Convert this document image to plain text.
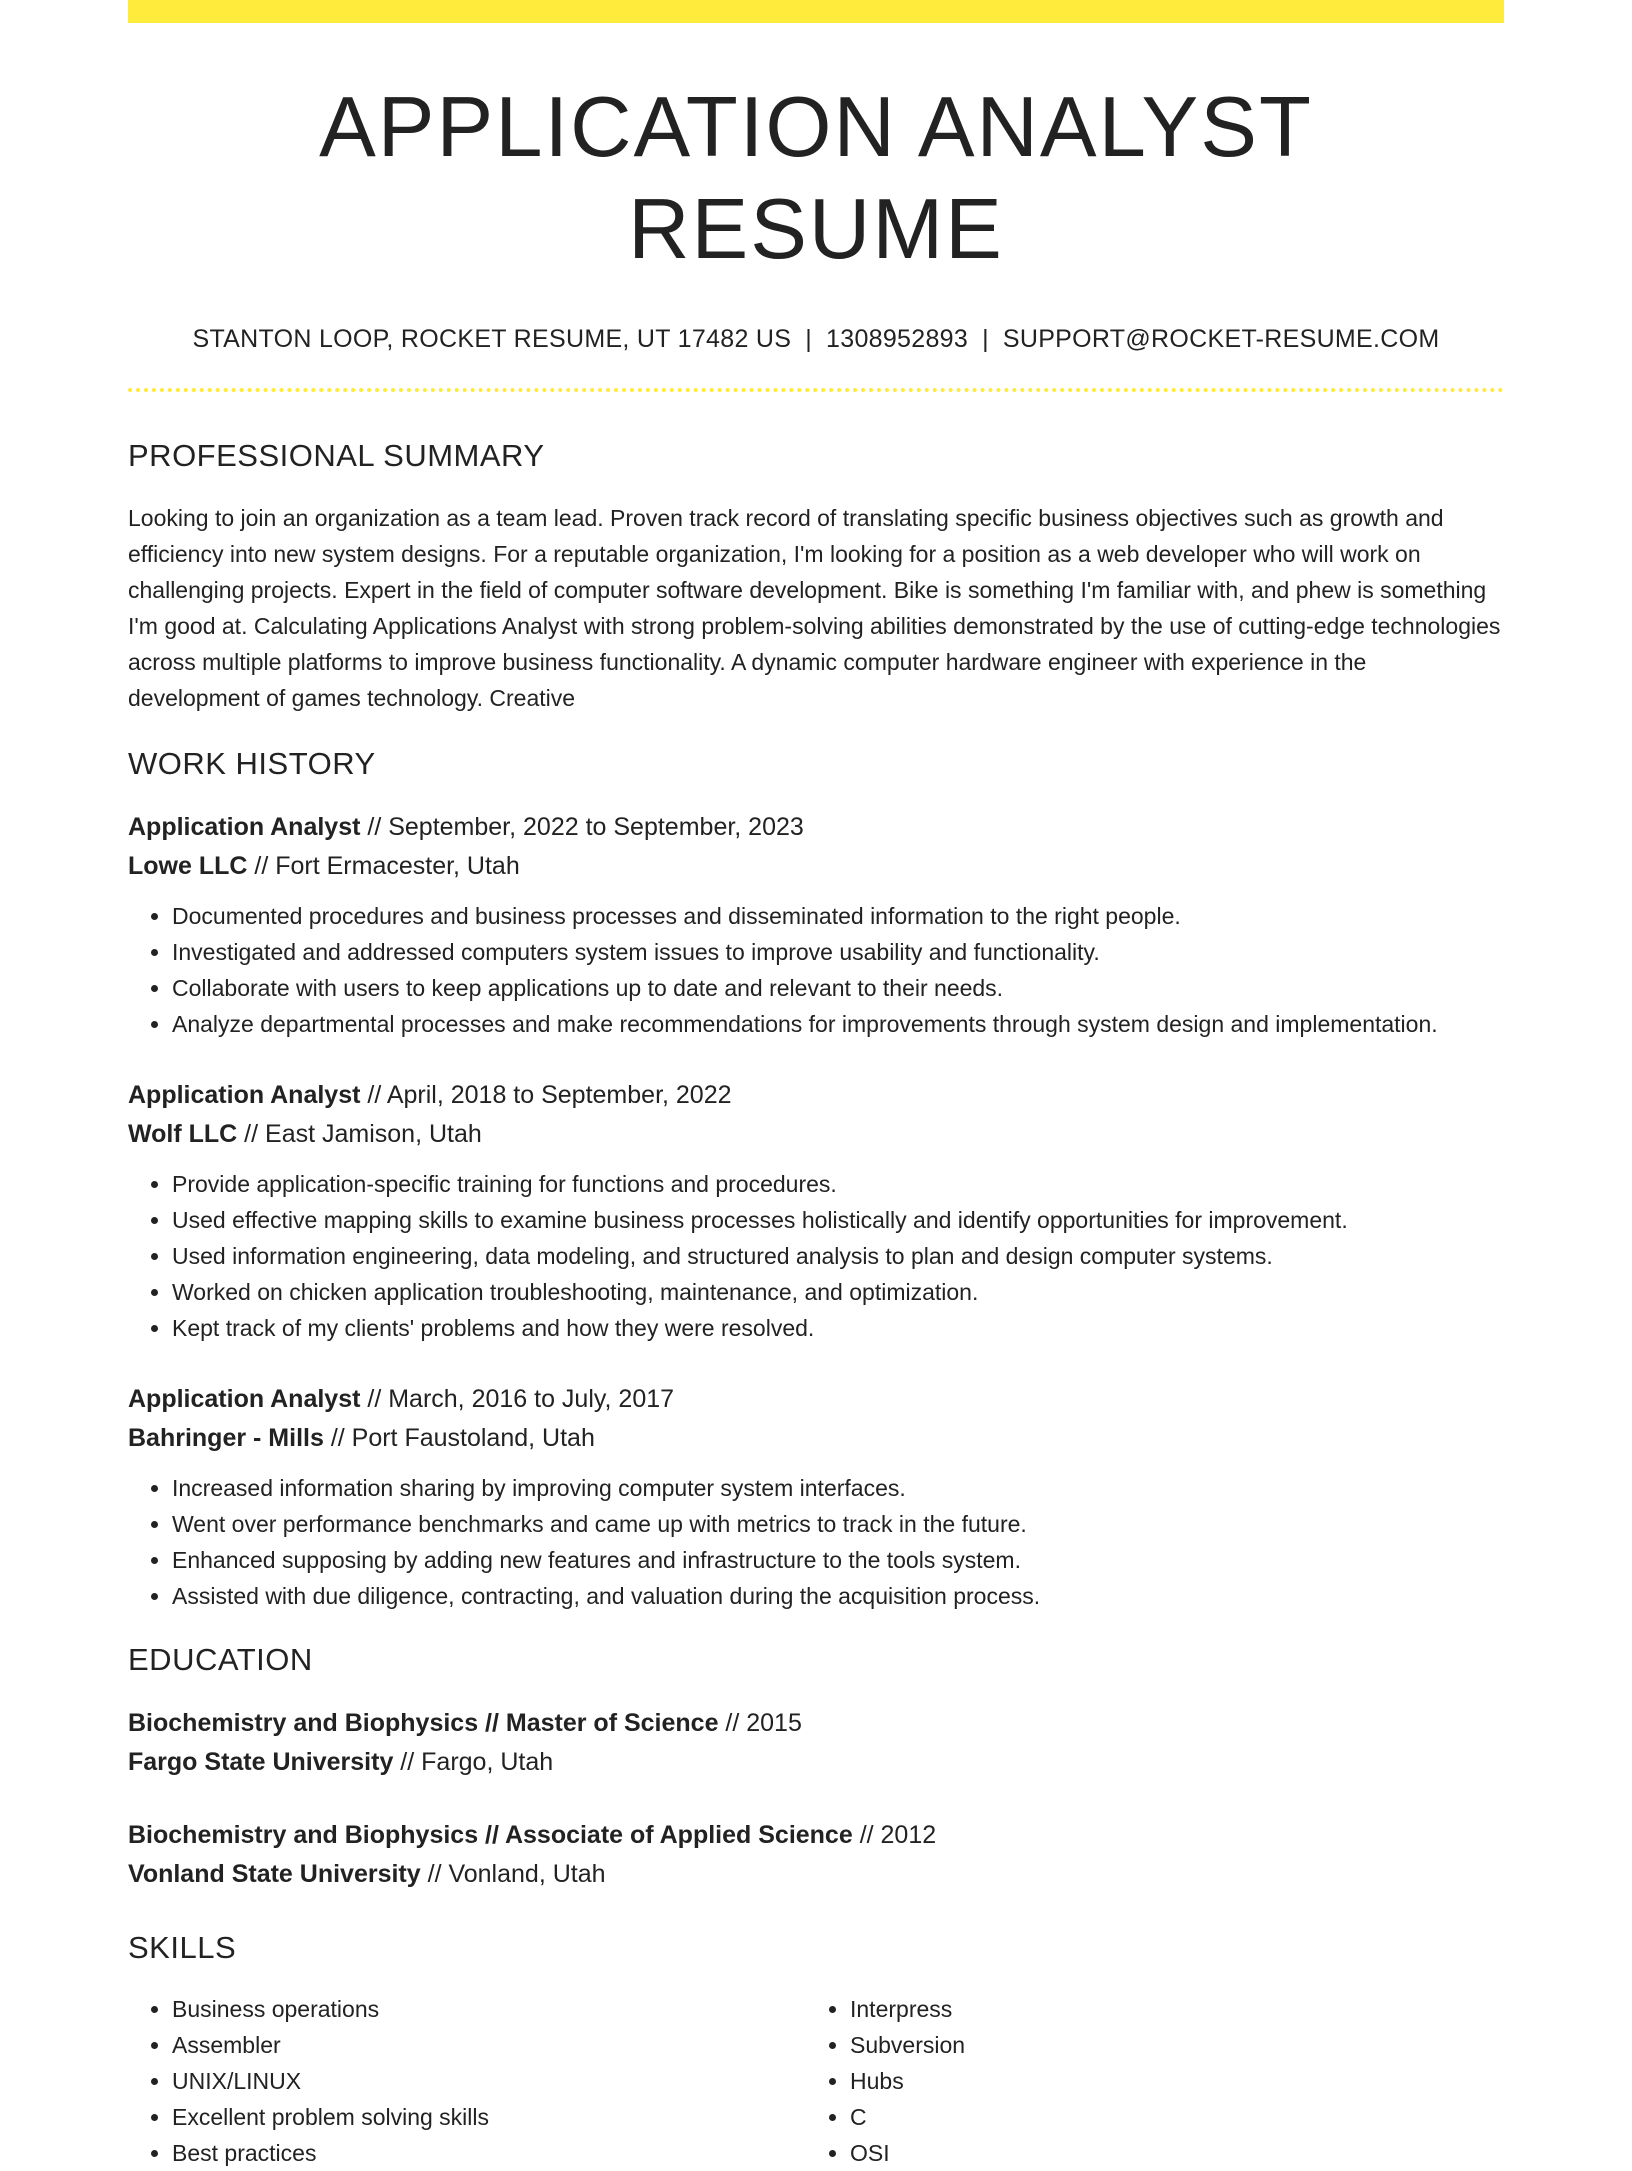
APPLICATION ANALYST RESUME
STANTON LOOP, ROCKET RESUME, UT 17482 US | 1308952893 | SUPPORT@ROCKET-RESUME.COM
PROFESSIONAL SUMMARY

Looking to join an organization as a team lead. Proven track record of translating specific business objectives such as growth and efficiency into new system designs. For a reputable organization, I'm looking for a position as a web developer who will work on challenging projects. Expert in the field of computer software development. Bike is something I'm familiar with, and phew is something I'm good at. Calculating Applications Analyst with strong problem-solving abilities demonstrated by the use of cutting-edge technologies across multiple platforms to improve business functionality. A dynamic computer hardware engineer with experience in the development of games technology. Creative

WORK HISTORY
Application Analyst // September, 2022 to September, 2023
Lowe LLC // Fort Ermacester, Utah
• Documented procedures and business processes and disseminated information to the right people.
• Investigated and addressed computers system issues to improve usability and functionality.
• Collaborate with users to keep applications up to date and relevant to their needs.
• Analyze departmental processes and make recommendations for improvements through system design and implementation.
Application Analyst // April, 2018 to September, 2022
Wolf LLC // East Jamison, Utah
• Provide application-specific training for functions and procedures.
• Used effective mapping skills to examine business processes holistically and identify opportunities for improvement.
• Used information engineering, data modeling, and structured analysis to plan and design computer systems.
• Worked on chicken application troubleshooting, maintenance, and optimization.
• Kept track of my clients' problems and how they were resolved.
Application Analyst // March, 2016 to July, 2017
Bahringer - Mills // Port Faustoland, Utah
• Increased information sharing by improving computer system interfaces.
• Went over performance benchmarks and came up with metrics to track in the future.
• Enhanced supposing by adding new features and infrastructure to the tools system.
• Assisted with due diligence, contracting, and valuation during the acquisition process.
EDUCATION
Biochemistry and Biophysics // Master of Science // 2015
Fargo State University // Fargo, Utah
Biochemistry and Biophysics // Associate of Applied Science // 2012
Vonland State University // Vonland, Utah
SKILLS
• Business operations
• Assembler
• UNIX/LINUX
• Excellent problem solving skills
• Best practices
• Interpress
• Subversion
• Hubs
• C
• OSI
